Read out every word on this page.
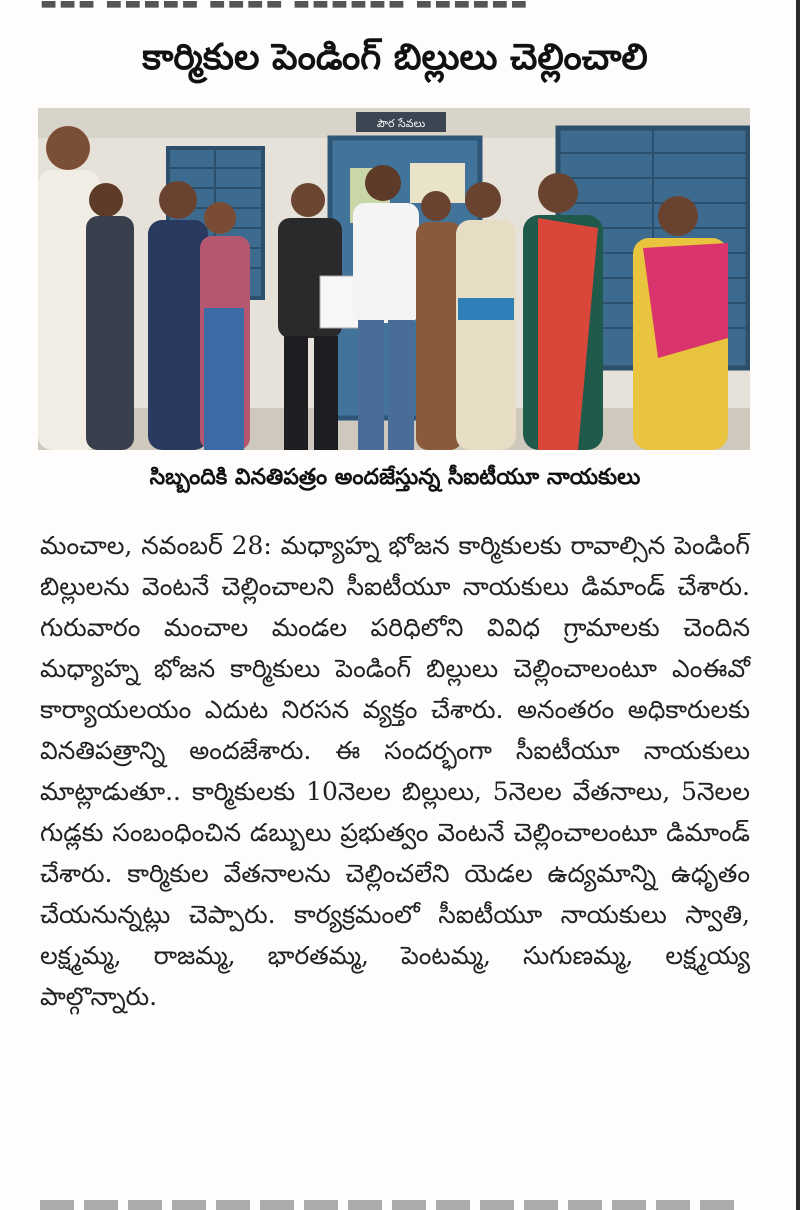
▬▬▬ ▬▬▬▬▬ ▬▬▬▬ ▬▬▬▬▬▬ ▬▬▬▬▬▬
కార్మికుల పెండింగ్ బిల్లులు చెల్లించాలి
పౌర సేవలు
సిబ్బందికి వినతిపత్రం అందజేస్తున్న సీఐటీయూ నాయకులు

మంచాల, నవంబర్ 28: మధ్యాహ్న భోజన కార్మికులకు రావాల్సిన పెండింగ్ బిల్లులను వెంటనే చెల్లించాలని సీఐటీయూ నాయకులు డిమాండ్ చేశారు. గురువారం మంచాల మండల పరిధిలోని వివిధ గ్రామాలకు చెందిన మధ్యాహ్న భోజన కార్మికులు పెండింగ్ బిల్లులు చెల్లించాలంటూ ఎంఈవో కార్యాయలయం ఎదుట నిరసన వ్యక్తం చేశారు. అనంతరం అధికారులకు వినతిపత్రాన్ని అందజేశారు. ఈ సందర్భంగా సీఐటీయూ నాయకులు మాట్లాడుతూ.. కార్మికులకు 10నెలల బిల్లులు, 5నెలల వేతనాలు, 5నెలల గుడ్లకు సంబంధించిన డబ్బులు ప్రభుత్వం వెంటనే చెల్లించాలంటూ డిమాండ్ చేశారు. కార్మికుల వేతనాలను చెల్లించలేని యెడల ఉద్యమాన్ని ఉధృతం చేయనున్నట్లు చెప్పారు. కార్యక్రమంలో సీఐటీయూ నాయకులు స్వాతి, లక్ష్మమ్మ, రాజమ్మ, భారతమ్మ, పెంటమ్మ, సుగుణమ్మ, లక్ష్మయ్య పాల్గొన్నారు.
